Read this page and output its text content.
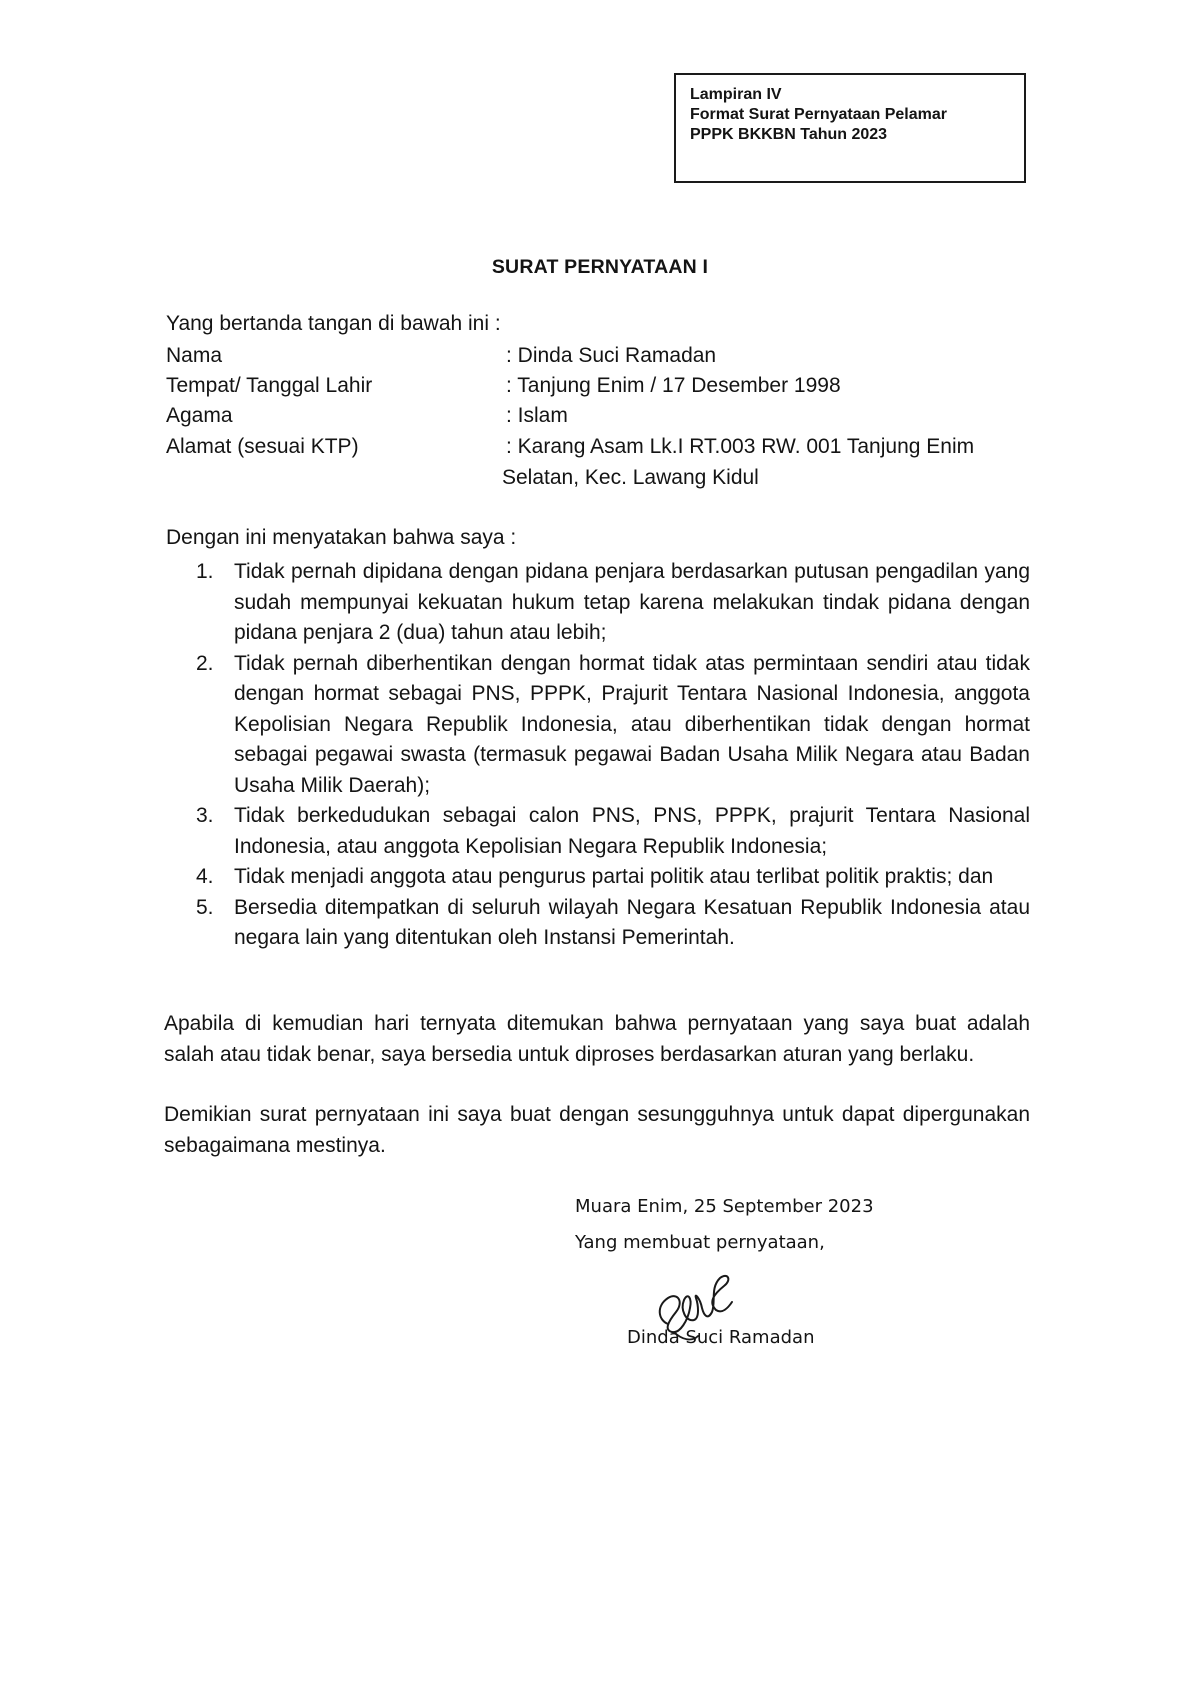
Lampiran IV
Format Surat Pernyataan Pelamar
PPPK BKKBN Tahun 2023
SURAT PERNYATAAN I
Yang bertanda tangan di bawah ini :
Nama	: Dinda Suci Ramadan
Tempat/ Tanggal Lahir	: Tanjung Enim / 17 Desember 1998
Agama	: Islam
Alamat (sesuai KTP)	: Karang Asam Lk.I RT.003 RW. 001 Tanjung Enim
Selatan, Kec. Lawang Kidul
Dengan ini menyatakan bahwa saya :
1. Tidak pernah dipidana dengan pidana penjara berdasarkan putusan pengadilan yang sudah mempunyai kekuatan hukum tetap karena melakukan tindak pidana dengan pidana penjara 2 (dua) tahun atau lebih;
2. Tidak pernah diberhentikan dengan hormat tidak atas permintaan sendiri atau tidak dengan hormat sebagai PNS, PPPK, Prajurit Tentara Nasional Indonesia, anggota Kepolisian Negara Republik Indonesia, atau diberhentikan tidak dengan hormat sebagai pegawai swasta (termasuk pegawai Badan Usaha Milik Negara atau Badan Usaha Milik Daerah);
3. Tidak berkedudukan sebagai calon PNS, PNS, PPPK, prajurit Tentara Nasional Indonesia, atau anggota Kepolisian Negara Republik Indonesia;
4. Tidak menjadi anggota atau pengurus partai politik atau terlibat politik praktis; dan
5. Bersedia ditempatkan di seluruh wilayah Negara Kesatuan Republik Indonesia atau negara lain yang ditentukan oleh Instansi Pemerintah.
Apabila di kemudian hari ternyata ditemukan bahwa pernyataan yang saya buat adalah salah atau tidak benar, saya bersedia untuk diproses berdasarkan aturan yang berlaku.
Demikian surat pernyataan ini saya buat dengan sesungguhnya untuk dapat dipergunakan sebagaimana mestinya.
Muara Enim, 25 September 2023
Yang membuat pernyataan,
Dinda Suci Ramadan
